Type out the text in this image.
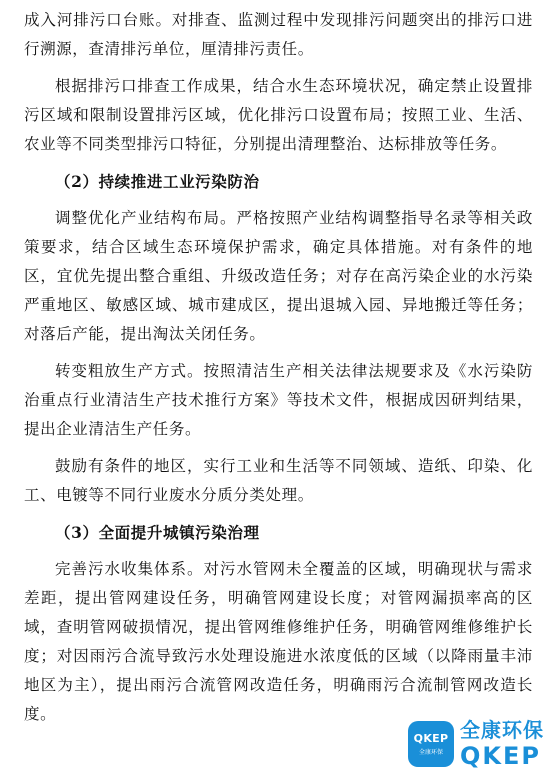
成入河排污口台账。对排查、监测过程中发现排污问题突出的排污口进行溯源，查清排污单位，厘清排污责任。

根据排污口排查工作成果，结合水生态环境状况，确定禁止设置排污区域和限制设置排污区域，优化排污口设置布局；按照工业、生活、农业等不同类型排污口特征，分别提出清理整治、达标排放等任务。

（2）持续推进工业污染防治

调整优化产业结构布局。严格按照产业结构调整指导名录等相关政策要求，结合区域生态环境保护需求，确定具体措施。对有条件的地区，宜优先提出整合重组、升级改造任务；对存在高污染企业的水污染严重地区、敏感区域、城市建成区，提出退城入园、异地搬迁等任务；对落后产能，提出淘汰关闭任务。

转变粗放生产方式。按照清洁生产相关法律法规要求及《水污染防治重点行业清洁生产技术推行方案》等技术文件，根据成因研判结果，提出企业清洁生产任务。

鼓励有条件的地区，实行工业和生活等不同领域、造纸、印染、化工、电镀等不同行业废水分质分类处理。

（3）全面提升城镇污染治理

完善污水收集体系。对污水管网未全覆盖的区域，明确现状与需求差距，提出管网建设任务，明确管网建设长度；对管网漏损率高的区域，查明管网破损情况，提出管网维修维护任务，明确管网维修维护长度；对因雨污合流导致污水处理设施进水浓度低的区域（以降雨量丰沛地区为主），提出雨污合流管网改造任务，明确雨污合流制管网改造长度。

QKEP
全康环保
全康环保
QKEP
